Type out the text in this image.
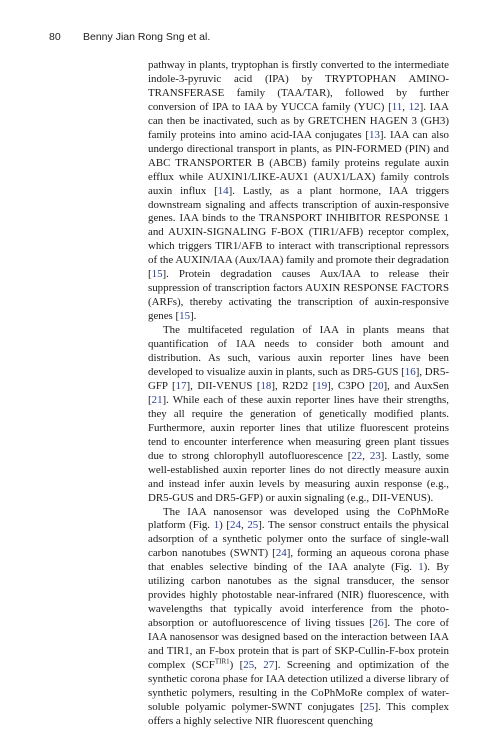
80 Benny Jian Rong Sng et al.

pathway in plants, tryptophan is firstly converted to the intermediate indole-3-pyruvic acid (IPA) by TRYPTOPHAN AMINO-TRANSFERASE family (TAA/TAR), followed by further conversion of IPA to IAA by YUCCA family (YUC) [11, 12]. IAA can then be inactivated, such as by GRETCHEN HAGEN 3 (GH3) family proteins into amino acid-IAA conjugates [13]. IAA can also undergo directional transport in plants, as PIN-FORMED (PIN) and ABC TRANSPORTER B (ABCB) family proteins regulate auxin efflux while AUXIN1/LIKE-AUX1 (AUX1/LAX) family controls auxin influx [14]. Lastly, as a plant hormone, IAA triggers downstream signaling and affects transcription of auxin-responsive genes. IAA binds to the TRANSPORT INHIBITOR RESPONSE 1 and AUXIN-SIGNALING F-BOX (TIR1/AFB) receptor complex, which triggers TIR1/AFB to interact with transcriptional repressors of the AUXIN/IAA (Aux/IAA) family and promote their degradation [15]. Protein degradation causes Aux/IAA to release their suppression of transcription factors AUXIN RESPONSE FACTORS (ARFs), thereby activating the transcription of auxin-responsive genes [15].

The multifaceted regulation of IAA in plants means that quantification of IAA needs to consider both amount and distribution. As such, various auxin reporter lines have been developed to visualize auxin in plants, such as DR5-GUS [16], DR5-GFP [17], DII-VENUS [18], R2D2 [19], C3PO [20], and AuxSen [21]. While each of these auxin reporter lines have their strengths, they all require the generation of genetically modified plants. Furthermore, auxin reporter lines that utilize fluorescent proteins tend to encounter interference when measuring green plant tissues due to strong chlorophyll autofluorescence [22, 23]. Lastly, some well-established auxin reporter lines do not directly measure auxin and instead infer auxin levels by measuring auxin response (e.g., DR5-GUS and DR5-GFP) or auxin signaling (e.g., DII-VENUS).

The IAA nanosensor was developed using the CoPhMoRe platform (Fig. 1) [24, 25]. The sensor construct entails the physical adsorption of a synthetic polymer onto the surface of single-wall carbon nanotubes (SWNT) [24], forming an aqueous corona phase that enables selective binding of the IAA analyte (Fig. 1). By utilizing carbon nanotubes as the signal transducer, the sensor provides highly photostable near-infrared (NIR) fluorescence, with wavelengths that typically avoid interference from the photo-absorption or autofluorescence of living tissues [26]. The core of IAA nanosensor was designed based on the interaction between IAA and TIR1, an F-box protein that is part of SKP-Cullin-F-box protein complex $(SCF^{TIR1})$ [25, 27]. Screening and optimization of the synthetic corona phase for IAA detection utilized a diverse library of synthetic polymers, resulting in the CoPhMoRe complex of water-soluble polyamic polymer-SWNT conjugates [25]. This complex offers a highly selective NIR fluorescent quenching
